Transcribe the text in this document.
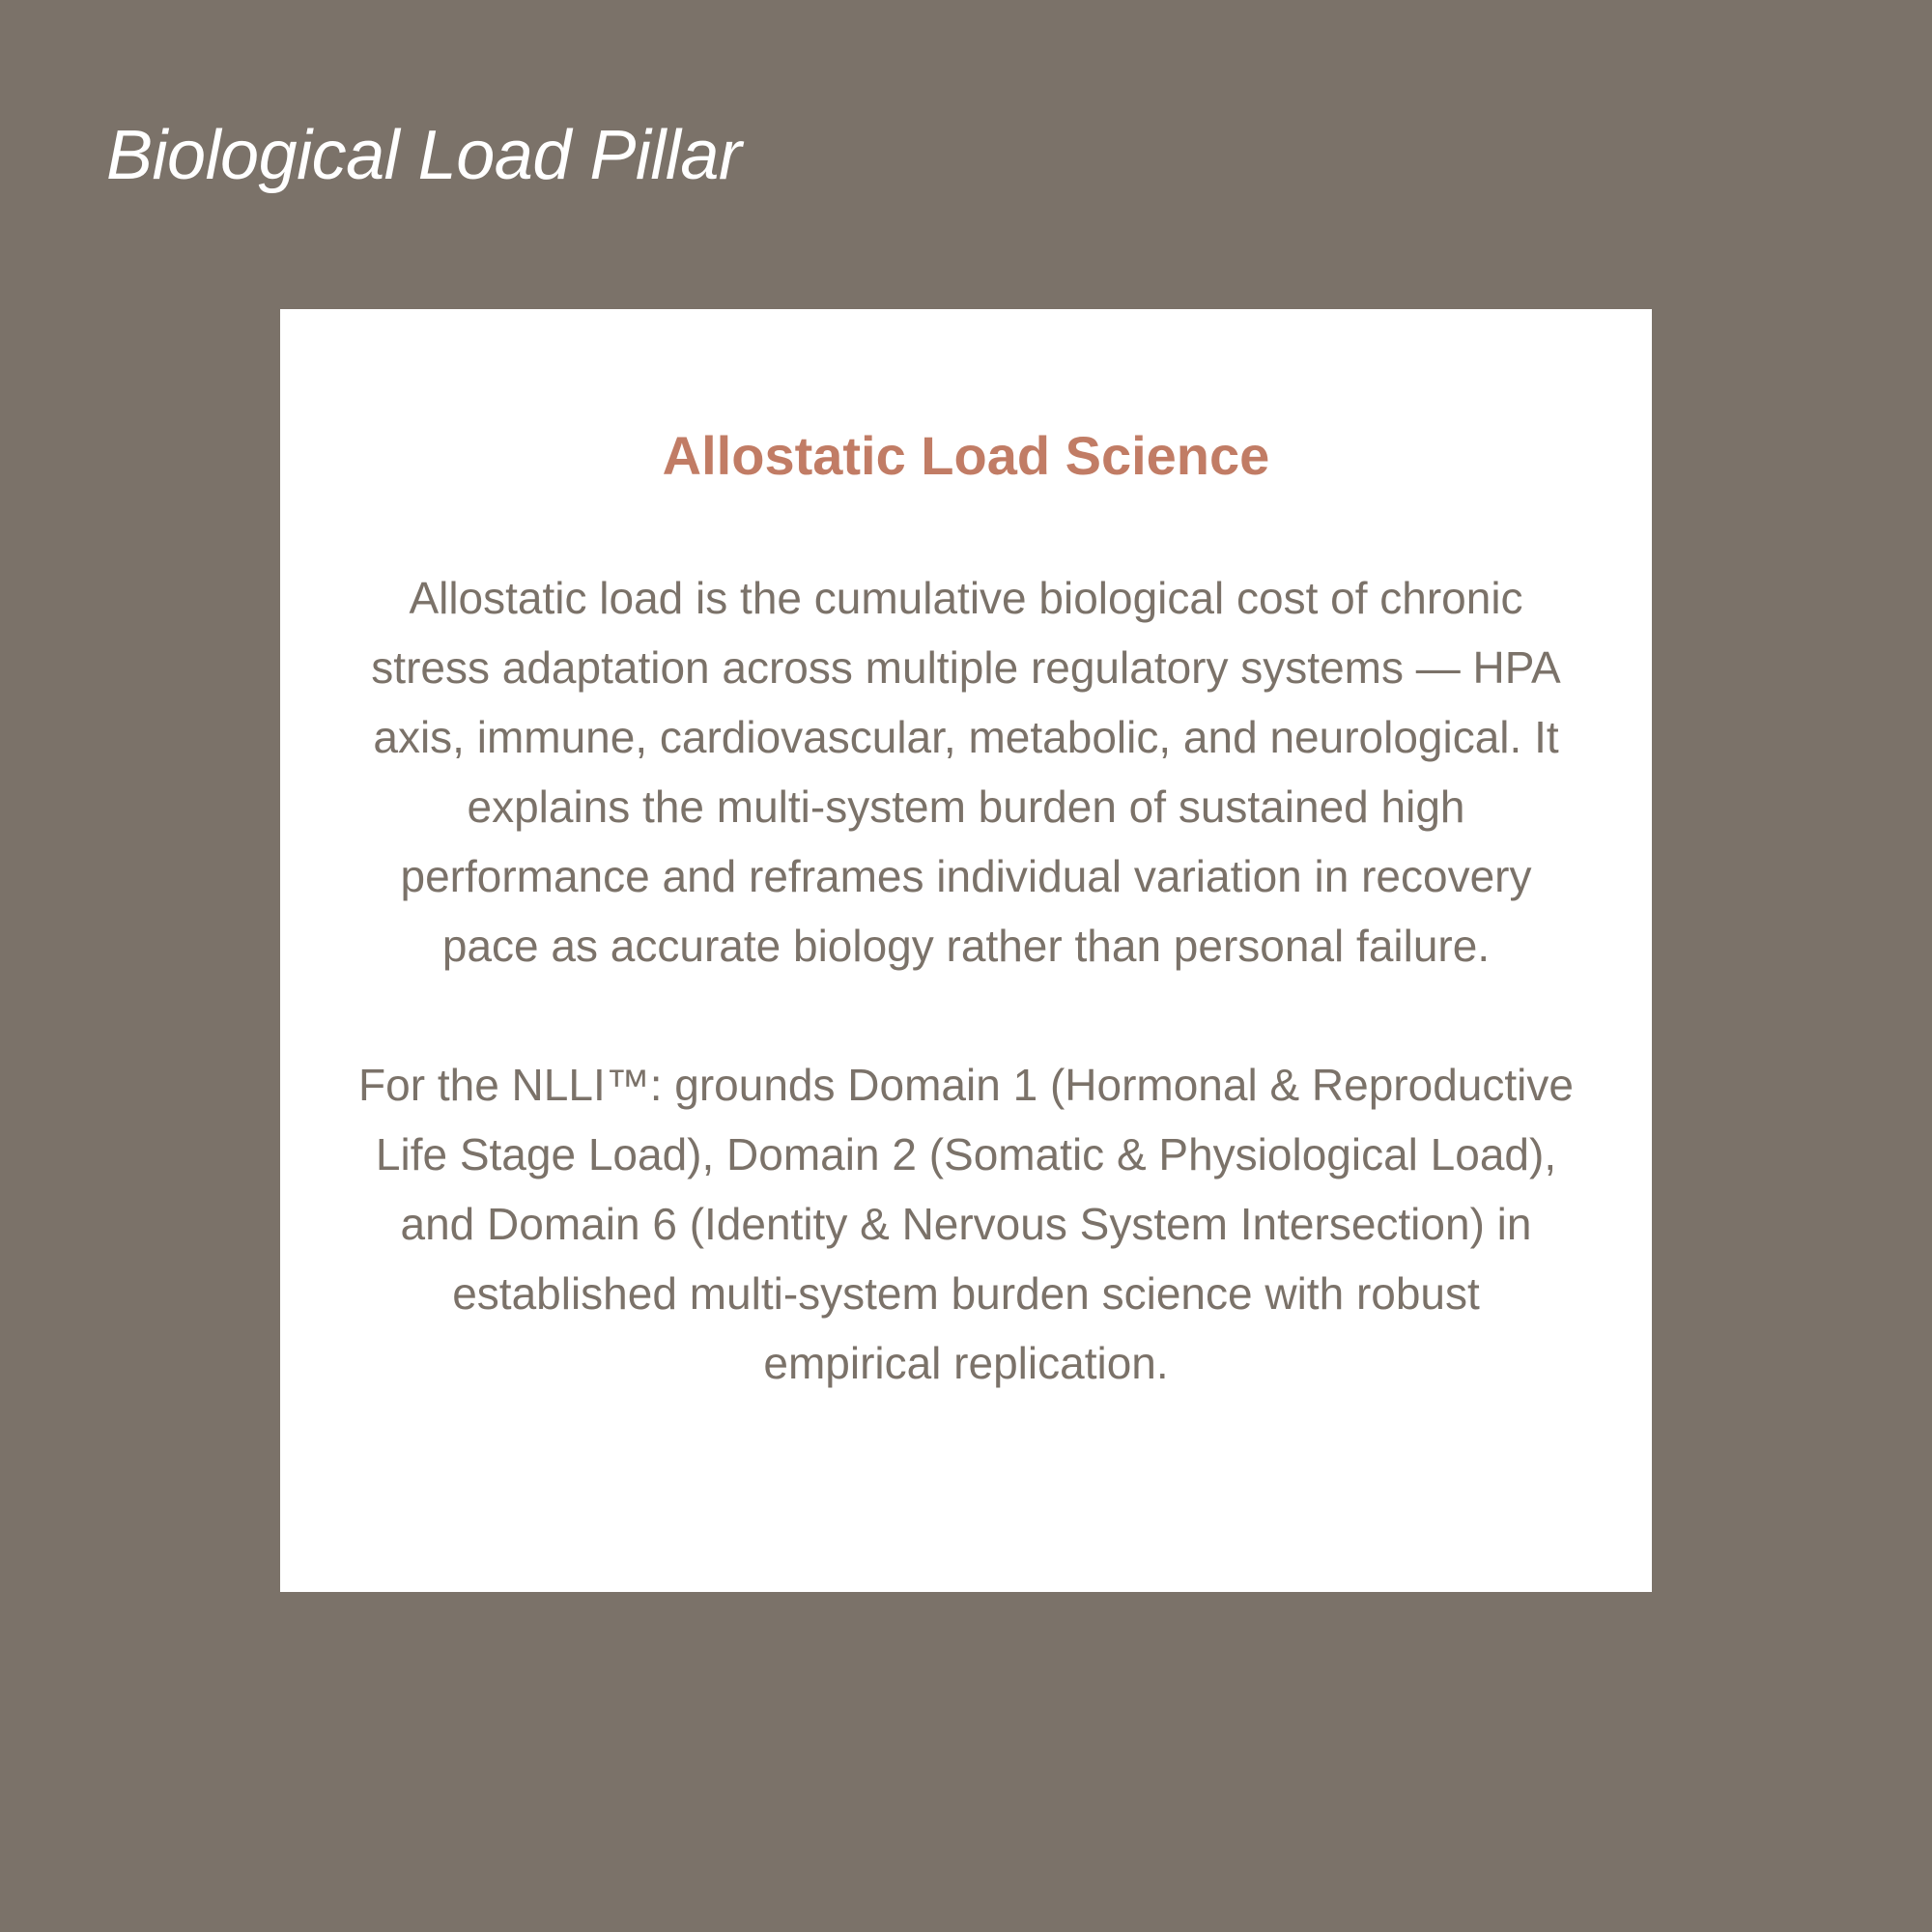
Biological Load Pillar
Allostatic Load Science

Allostatic load is the cumulative biological cost of chronic stress adaptation across multiple regulatory systems — HPA axis, immune, cardiovascular, metabolic, and neurological. It explains the multi-system burden of sustained high performance and reframes individual variation in recovery pace as accurate biology rather than personal failure.

For the NLLI™: grounds Domain 1 (Hormonal & Reproductive Life Stage Load), Domain 2 (Somatic & Physiological Load), and Domain 6 (Identity & Nervous System Intersection) in established multi-system burden science with robust empirical replication.
